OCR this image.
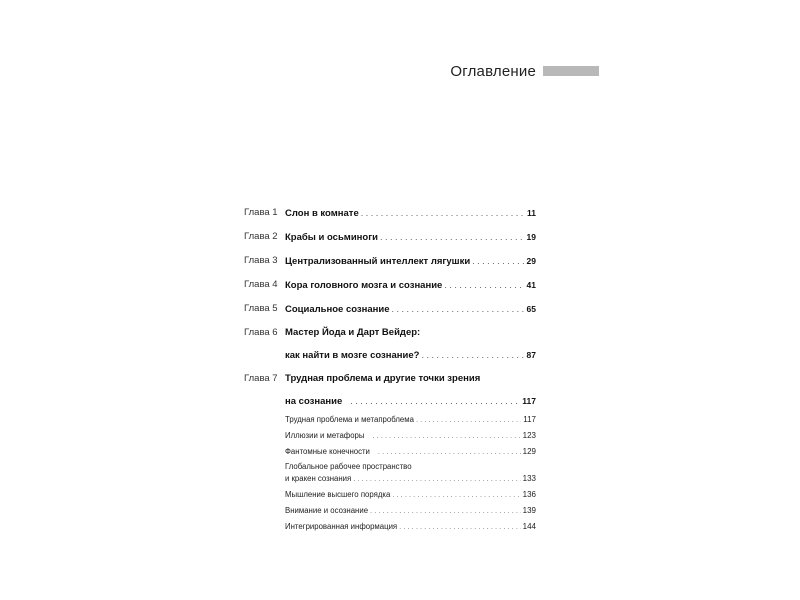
Оглавление
Глава 1 Слон в комнате . . .	11
Глава 2 Крабы и осьминоги . . .	19
Глава 3 Централизованный интеллект лягушки . . .	29
Глава 4 Кора головного мозга и сознание . . .	41
Глава 5 Социальное сознание . . .	65
Глава 6 Мастер Йода и Дарт Вейдер:
как найти в мозге сознание? . . .	87
Глава 7 Трудная проблема и другие точки зрения
на сознание . . .	117
Трудная проблема и метапроблема . . .	117
Иллюзии и метафоры . . .	123
Фантомные конечности . . .	129
Глобальное рабочее пространство
и кракен сознания . . .	133
Мышление высшего порядка . . .	136
Внимание и осознание . . .	139
Интегрированная информация . . .	144
